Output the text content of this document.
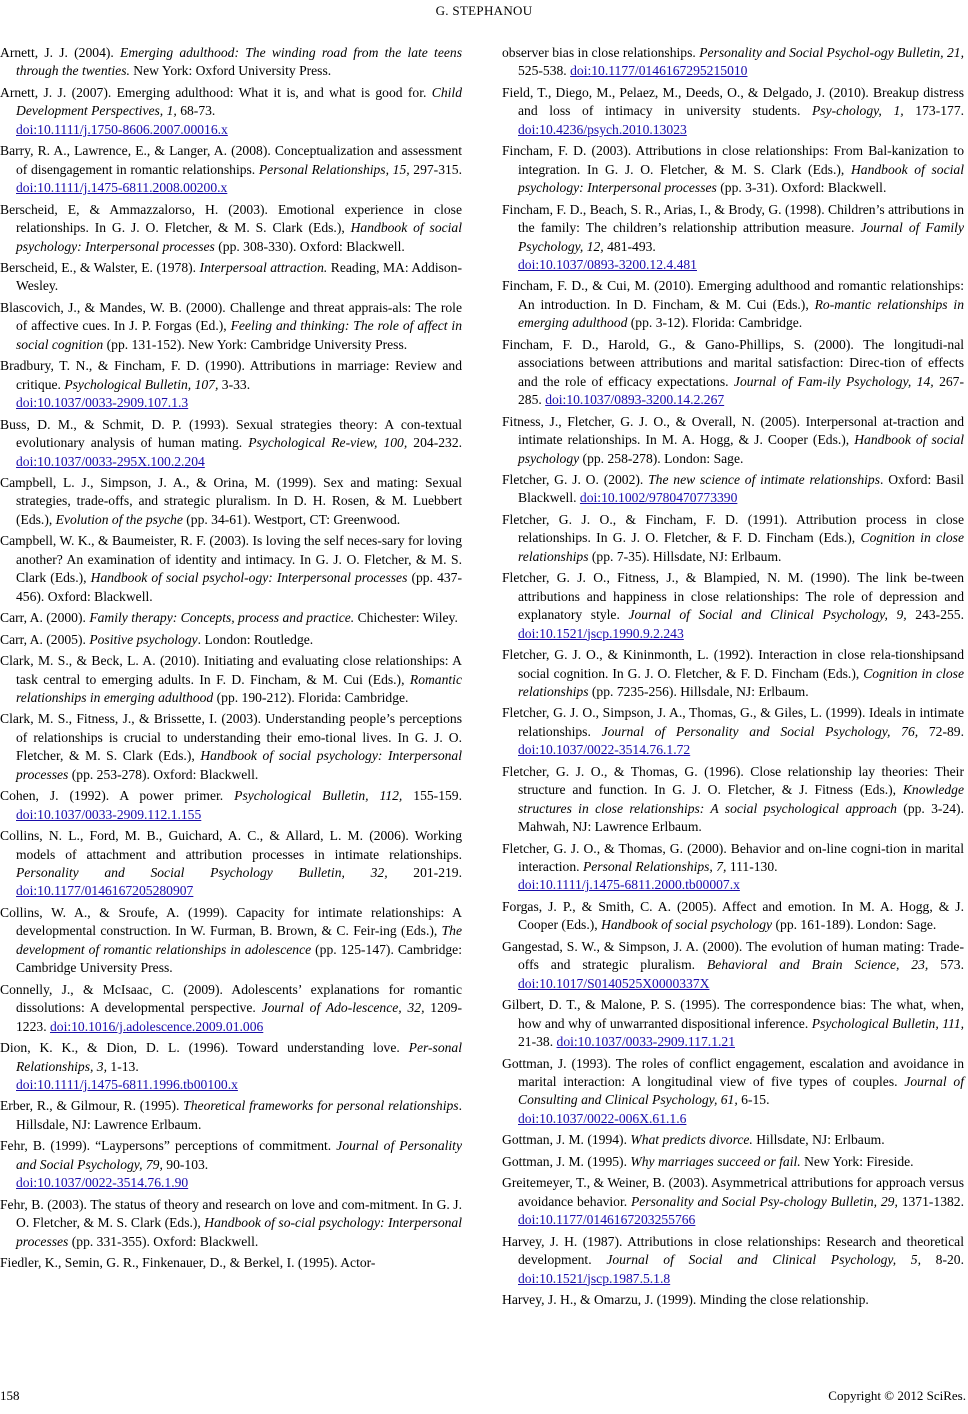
G. STEPHANOU

Arnett, J. J. (2004). Emerging adulthood: The winding road from the late teens through the twenties. New York: Oxford University Press.

Arnett, J. J. (2007). Emerging adulthood: What it is, and what is good for. Child Development Perspectives, 1, 68-73.
doi:10.1111/j.1750-8606.2007.00016.x

Barry, R. A., Lawrence, E., & Langer, A. (2008). Conceptualization and assessment of disengagement in romantic relationships. Personal Relationships, 15, 297-315. doi:10.1111/j.1475-6811.2008.00200.x

Berscheid, E, & Ammazzalorso, H. (2003). Emotional experience in close relationships. In G. J. O. Fletcher, & M. S. Clark (Eds.), Handbook of social psychology: Interpersonal processes (pp. 308-330). Oxford: Blackwell.

Berscheid, E., & Walster, E. (1978). Interpersoal attraction. Reading, MA: Addison-Wesley.

Blascovich, J., & Mandes, W. B. (2000). Challenge and threat apprais-als: The role of affective cues. In J. P. Forgas (Ed.), Feeling and thinking: The role of affect in social cognition (pp. 131-152). New York: Cambridge University Press.

Bradbury, T. N., & Fincham, F. D. (1990). Attributions in marriage: Review and critique. Psychological Bulletin, 107, 3-33.
doi:10.1037/0033-2909.107.1.3

Buss, D. M., & Schmit, D. P. (1993). Sexual strategies theory: A con-textual evolutionary analysis of human mating. Psychological Re-view, 100, 204-232. doi:10.1037/0033-295X.100.2.204

Campbell, L. J., Simpson, J. A., & Orina, M. (1999). Sex and mating: Sexual strategies, trade-offs, and strategic pluralism. In D. H. Rosen, & M. Luebbert (Eds.), Evolution of the psyche (pp. 34-61). Westport, CT: Greenwood.

Campbell, W. K., & Baumeister, R. F. (2003). Is loving the self neces-sary for loving another? An examination of identity and intimacy. In G. J. O. Fletcher, & M. S. Clark (Eds.), Handbook of social psychol-ogy: Interpersonal processes (pp. 437-456). Oxford: Blackwell.

Carr, A. (2000). Family therapy: Concepts, process and practice. Chichester: Wiley.

Carr, A. (2005). Positive psychology. London: Routledge.

Clark, M. S., & Beck, L. A. (2010). Initiating and evaluating close relationships: A task central to emerging adults. In F. D. Fincham, & M. Cui (Eds.), Romantic relationships in emerging adulthood (pp. 190-212). Florida: Cambridge.

Clark, M. S., Fitness, J., & Brissette, I. (2003). Understanding people’s perceptions of relationships is crucial to understanding their emo-tional lives. In G. J. O. Fletcher, & M. S. Clark (Eds.), Handbook of social psychology: Interpersonal processes (pp. 253-278). Oxford: Blackwell.

Cohen, J. (1992). A power primer. Psychological Bulletin, 112, 155-159. doi:10.1037/0033-2909.112.1.155

Collins, N. L., Ford, M. B., Guichard, A. C., & Allard, L. M. (2006). Working models of attachment and attribution processes in intimate relationships. Personality and Social Psychology Bulletin, 32, 201-219. doi:10.1177/0146167205280907

Collins, W. A., & Sroufe, A. (1999). Capacity for intimate relationships: A developmental construction. In W. Furman, B. Brown, & C. Feir-ing (Eds.), The development of romantic relationships in adolescence (pp. 125-147). Cambridge: Cambridge University Press.

Connelly, J., & McIsaac, C. (2009). Adolescents’ explanations for romantic dissolutions: A developmental perspective. Journal of Ado-lescence, 32, 1209-1223. doi:10.1016/j.adolescence.2009.01.006

Dion, K. K., & Dion, D. L. (1996). Toward understanding love. Per-sonal Relationships, 3, 1-13.
doi:10.1111/j.1475-6811.1996.tb00100.x

Erber, R., & Gilmour, R. (1995). Theoretical frameworks for personal relationships. Hillsdale, NJ: Lawrence Erlbaum.

Fehr, B. (1999). “Laypersons” perceptions of commitment. Journal of Personality and Social Psychology, 79, 90-103.
doi:10.1037/0022-3514.76.1.90

Fehr, B. (2003). The status of theory and research on love and com-mitment. In G. J. O. Fletcher, & M. S. Clark (Eds.), Handbook of so-cial psychology: Interpersonal processes (pp. 331-355). Oxford: Blackwell.

Fiedler, K., Semin, G. R., Finkenauer, D., & Berkel, I. (1995). Actor-

observer bias in close relationships. Personality and Social Psychol-ogy Bulletin, 21, 525-538. doi:10.1177/0146167295215010

Field, T., Diego, M., Pelaez, M., Deeds, O., & Delgado, J. (2010). Breakup distress and loss of intimacy in university students. Psy-chology, 1, 173-177. doi:10.4236/psych.2010.13023

Fincham, F. D. (2003). Attributions in close relationships: From Bal-kanization to integration. In G. J. O. Fletcher, & M. S. Clark (Eds.), Handbook of social psychology: Interpersonal processes (pp. 3-31). Oxford: Blackwell.

Fincham, F. D., Beach, S. R., Arias, I., & Brody, G. (1998). Children’s attributions in the family: The children’s relationship attribution measure. Journal of Family Psychology, 12, 481-493.
doi:10.1037/0893-3200.12.4.481

Fincham, F. D., & Cui, M. (2010). Emerging adulthood and romantic relationships: An introduction. In D. Fincham, & M. Cui (Eds.), Ro-mantic relationships in emerging adulthood (pp. 3-12). Florida: Cambridge.

Fincham, F. D., Harold, G., & Gano-Phillips, S. (2000). The longitudi-nal associations between attributions and marital satisfaction: Direc-tion of effects and the role of efficacy expectations. Journal of Fam-ily Psychology, 14, 267-285. doi:10.1037/0893-3200.14.2.267

Fitness, J., Fletcher, G. J. O., & Overall, N. (2005). Interpersonal at-traction and intimate relationships. In M. A. Hogg, & J. Cooper (Eds.), Handbook of social psychology (pp. 258-278). London: Sage.

Fletcher, G. J. O. (2002). The new science of intimate relationships. Oxford: Basil Blackwell. doi:10.1002/9780470773390

Fletcher, G. J. O., & Fincham, F. D. (1991). Attribution process in close relationships. In G. J. O. Fletcher, & F. D. Fincham (Eds.), Cognition in close relationships (pp. 7-35). Hillsdate, NJ: Erlbaum.

Fletcher, G. J. O., Fitness, J., & Blampied, N. M. (1990). The link be-tween attributions and happiness in close relationships: The role of depression and explanatory style. Journal of Social and Clinical Psychology, 9, 243-255. doi:10.1521/jscp.1990.9.2.243

Fletcher, G. J. O., & Kininmonth, L. (1992). Interaction in close rela-tionshipsand social cognition. In G. J. O. Fletcher, & F. D. Fincham (Eds.), Cognition in close relationships (pp. 7235-256). Hillsdale, NJ: Erlbaum.

Fletcher, G. J. O., Simpson, J. A., Thomas, G., & Giles, L. (1999). Ideals in intimate relationships. Journal of Personality and Social Psychology, 76, 72-89. doi:10.1037/0022-3514.76.1.72

Fletcher, G. J. O., & Thomas, G. (1996). Close relationship lay theories: Their structure and function. In G. J. O. Fletcher, & J. Fitness (Eds.), Knowledge structures in close relationships: A social psychological approach (pp. 3-24). Mahwah, NJ: Lawrence Erlbaum.

Fletcher, G. J. O., & Thomas, G. (2000). Behavior and on-line cogni-tion in marital interaction. Personal Relationships, 7, 111-130.
doi:10.1111/j.1475-6811.2000.tb00007.x

Forgas, J. P., & Smith, C. A. (2005). Affect and emotion. In M. A. Hogg, & J. Cooper (Eds.), Handbook of social psychology (pp. 161-189). London: Sage.

Gangestad, S. W., & Simpson, J. A. (2000). The evolution of human mating: Trade-offs and strategic pluralism. Behavioral and Brain Science, 23, 573. doi:10.1017/S0140525X0000337X

Gilbert, D. T., & Malone, P. S. (1995). The correspondence bias: The what, when, how and why of unwarranted dispositional inference. Psychological Bulletin, 111, 21-38. doi:10.1037/0033-2909.117.1.21

Gottman, J. (1993). The roles of conflict engagement, escalation and avoidance in marital interaction: A longitudinal view of five types of couples. Journal of Consulting and Clinical Psychology, 61, 6-15.
doi:10.1037/0022-006X.61.1.6

Gottman, J. M. (1994). What predicts divorce. Hillsdate, NJ: Erlbaum.

Gottman, J. M. (1995). Why marriages succeed or fail. New York: Fireside.

Greitemeyer, T., & Weiner, B. (2003). Asymmetrical attributions for approach versus avoidance behavior. Personality and Social Psy-chology Bulletin, 29, 1371-1382. doi:10.1177/0146167203255766

Harvey, J. H. (1987). Attributions in close relationships: Research and theoretical development. Journal of Social and Clinical Psychology, 5, 8-20. doi:10.1521/jscp.1987.5.1.8

Harvey, J. H., & Omarzu, J. (1999). Minding the close relationship.

158	Copyright © 2012 SciRes.
